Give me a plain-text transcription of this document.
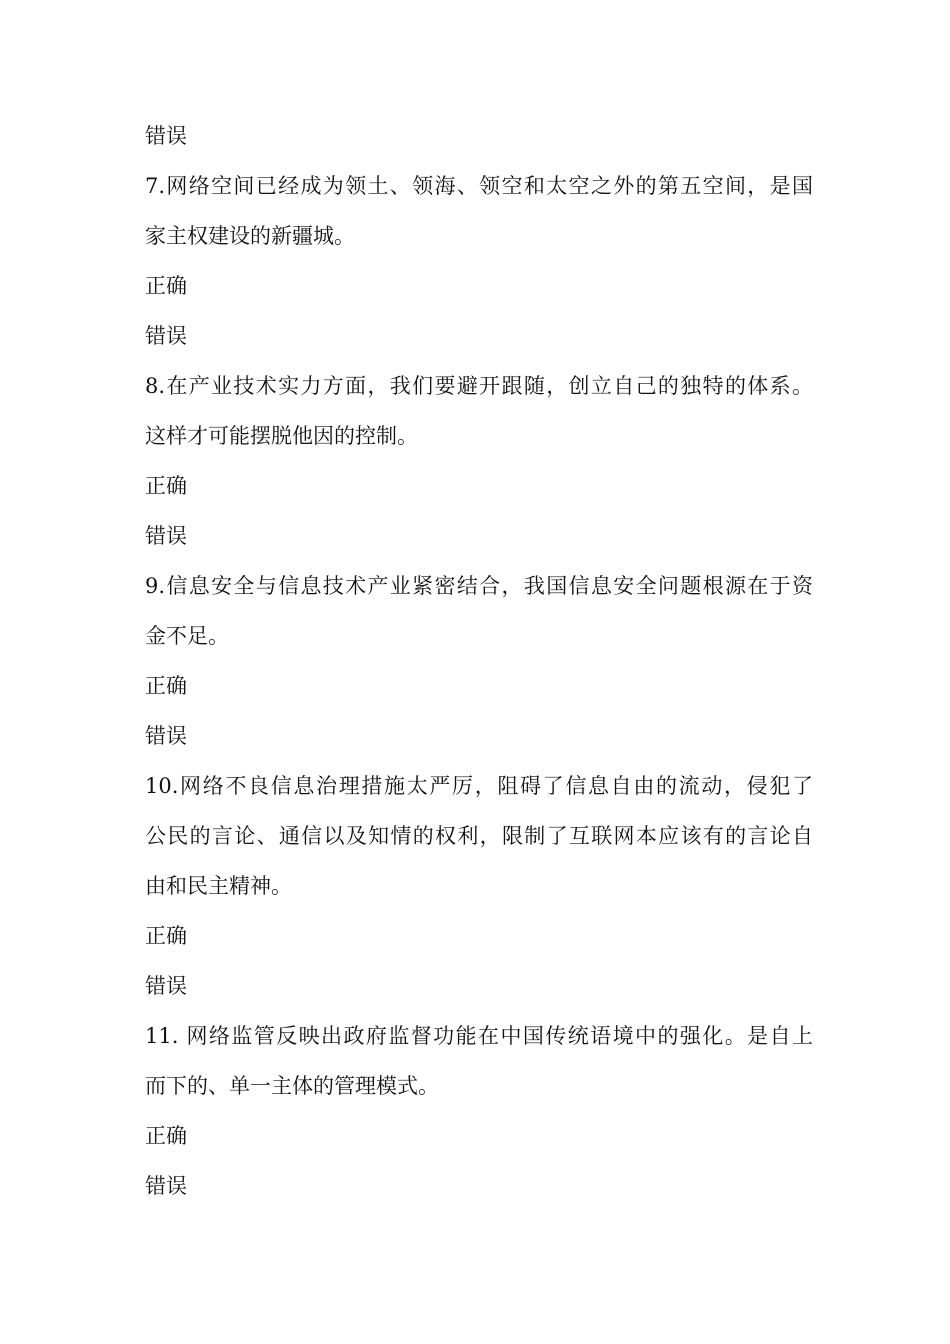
错误
7.网络空间已经成为领土、领海、领空和太空之外的第五空间，是国
家主权建设的新疆城。
正确
错误
8.在产业技术实力方面，我们要避开跟随，创立自己的独特的体系。
这样才可能摆脱他因的控制。
正确
错误
9.信息安全与信息技术产业紧密结合，我国信息安全问题根源在于资
金不足。
正确
错误
10.网络不良信息治理措施太严厉，阻碍了信息自由的流动，侵犯了
公民的言论、通信以及知情的权利，限制了互联网本应该有的言论自
由和民主精神。
正确
错误
11. 网络监管反映出政府监督功能在中国传统语境中的强化。是自上
而下的、单一主体的管理模式。
正确
错误
